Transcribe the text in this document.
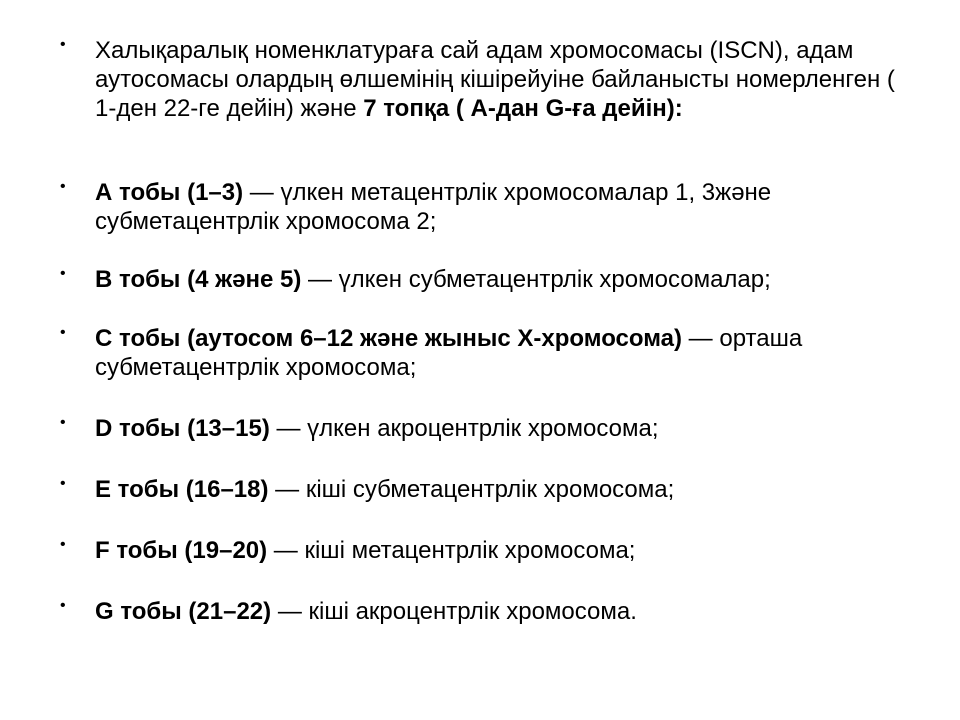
• Халықаралық номенклатураға сай адам хромосомасы (ISCN), адам аутосомасы олардың өлшемінің кішірейуіне байланысты номерленген ( 1-ден 22-ге дейін) және 7 топқа ( А-дан G-ға дейін):
• А тобы (1–3) — үлкен метацентрлік хромосомалар 1, 3және субметацентрлік хромосома 2;
• В тобы (4 және 5) — үлкен субметацентрлік хромосомалар;
• С тобы (аутосом 6–12 және жыныс Х-хромосома) — орташа субметацентрлік хромосома;
• D тобы (13–15) — үлкен акроцентрлік хромосома;
• Е тобы (16–18) — кіші субметацентрлік хромосома;
• F тобы (19–20) — кіші метацентрлік хромосома;
• G тобы (21–22) — кіші акроцентрлік хромосома.
